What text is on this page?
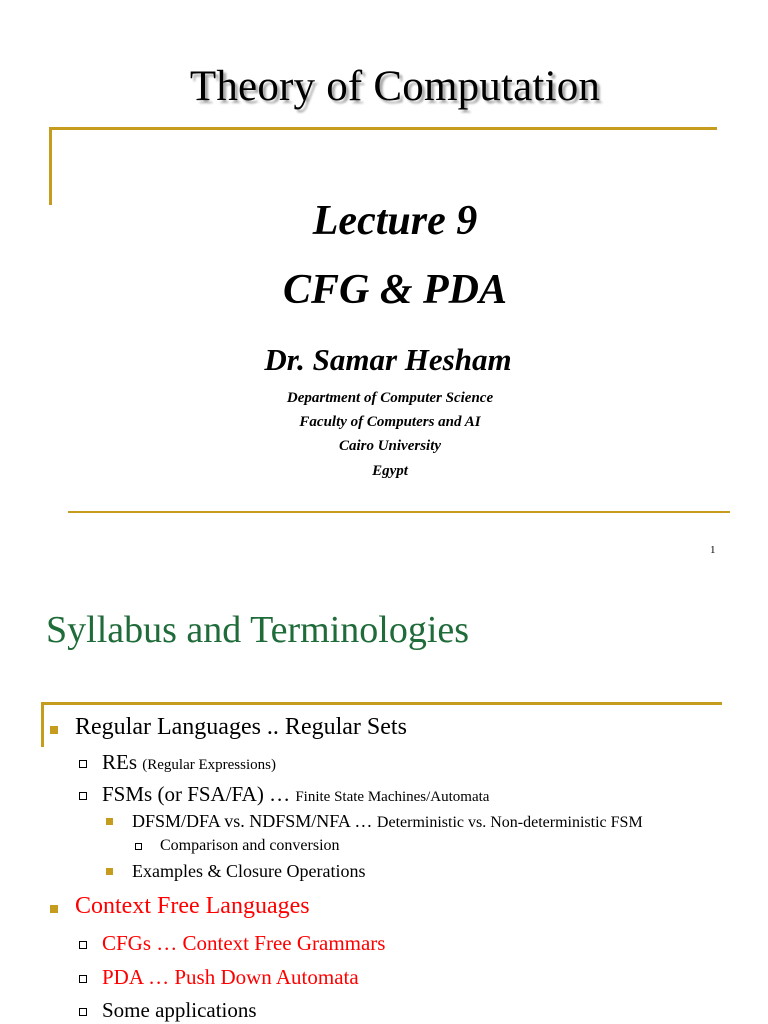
Theory of Computation
Lecture 9
CFG & PDA
Dr. Samar Hesham
Department of Computer Science
Faculty of Computers and AI
Cairo University
Egypt
1
Syllabus and Terminologies
Regular Languages .. Regular Sets
REs (Regular Expressions)
FSMs (or FSA/FA) … Finite State Machines/Automata
DFSM/DFA vs. NDFSM/NFA … Deterministic vs. Non-deterministic FSM
Comparison and conversion
Examples & Closure Operations
Context Free Languages
CFGs … Context Free Grammars
PDA … Push Down Automata
Some applications
